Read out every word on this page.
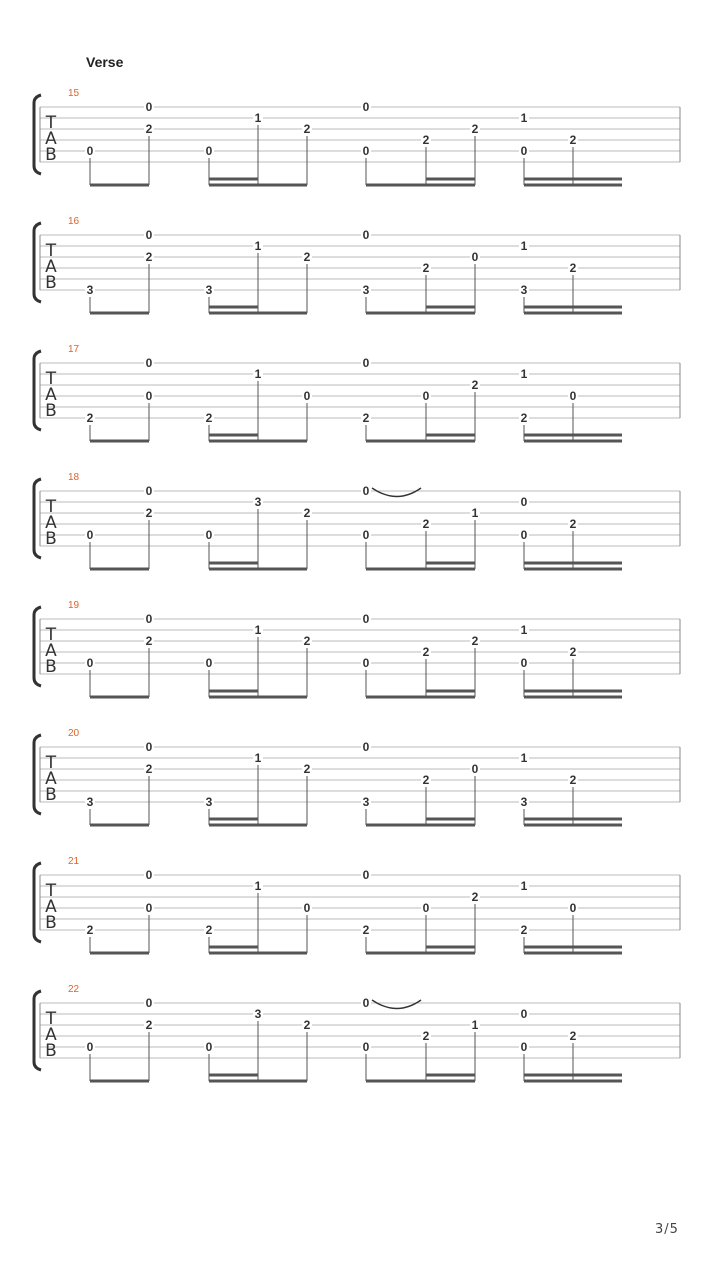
Verse
15
T
A
B 0
0
2
0
1
2
0
0
2
2
0
1
2
16
T
A
B 3
0
2
3
1
2
3
0
2
0
3
1
2
17
T
A
B 2
0
0
2
1
0
2
0
0
2
2
1
0
18
T
A
B 0
0
2
0
3
2
0
0
2
1
0
0
2
19
T
A
B 0
0
2
0
1
2
0
0
2
2
0
1
2
20
T
A
B 3
0
2
3
1
2
3
0
2
0
3
1
2
21
T
A
B 2
0
0
2
1
0
2
0
0
2
2
1
0
22
T
A
B 0
0
2
0
3
2
0
0
2
1
0
0
2
3/5
